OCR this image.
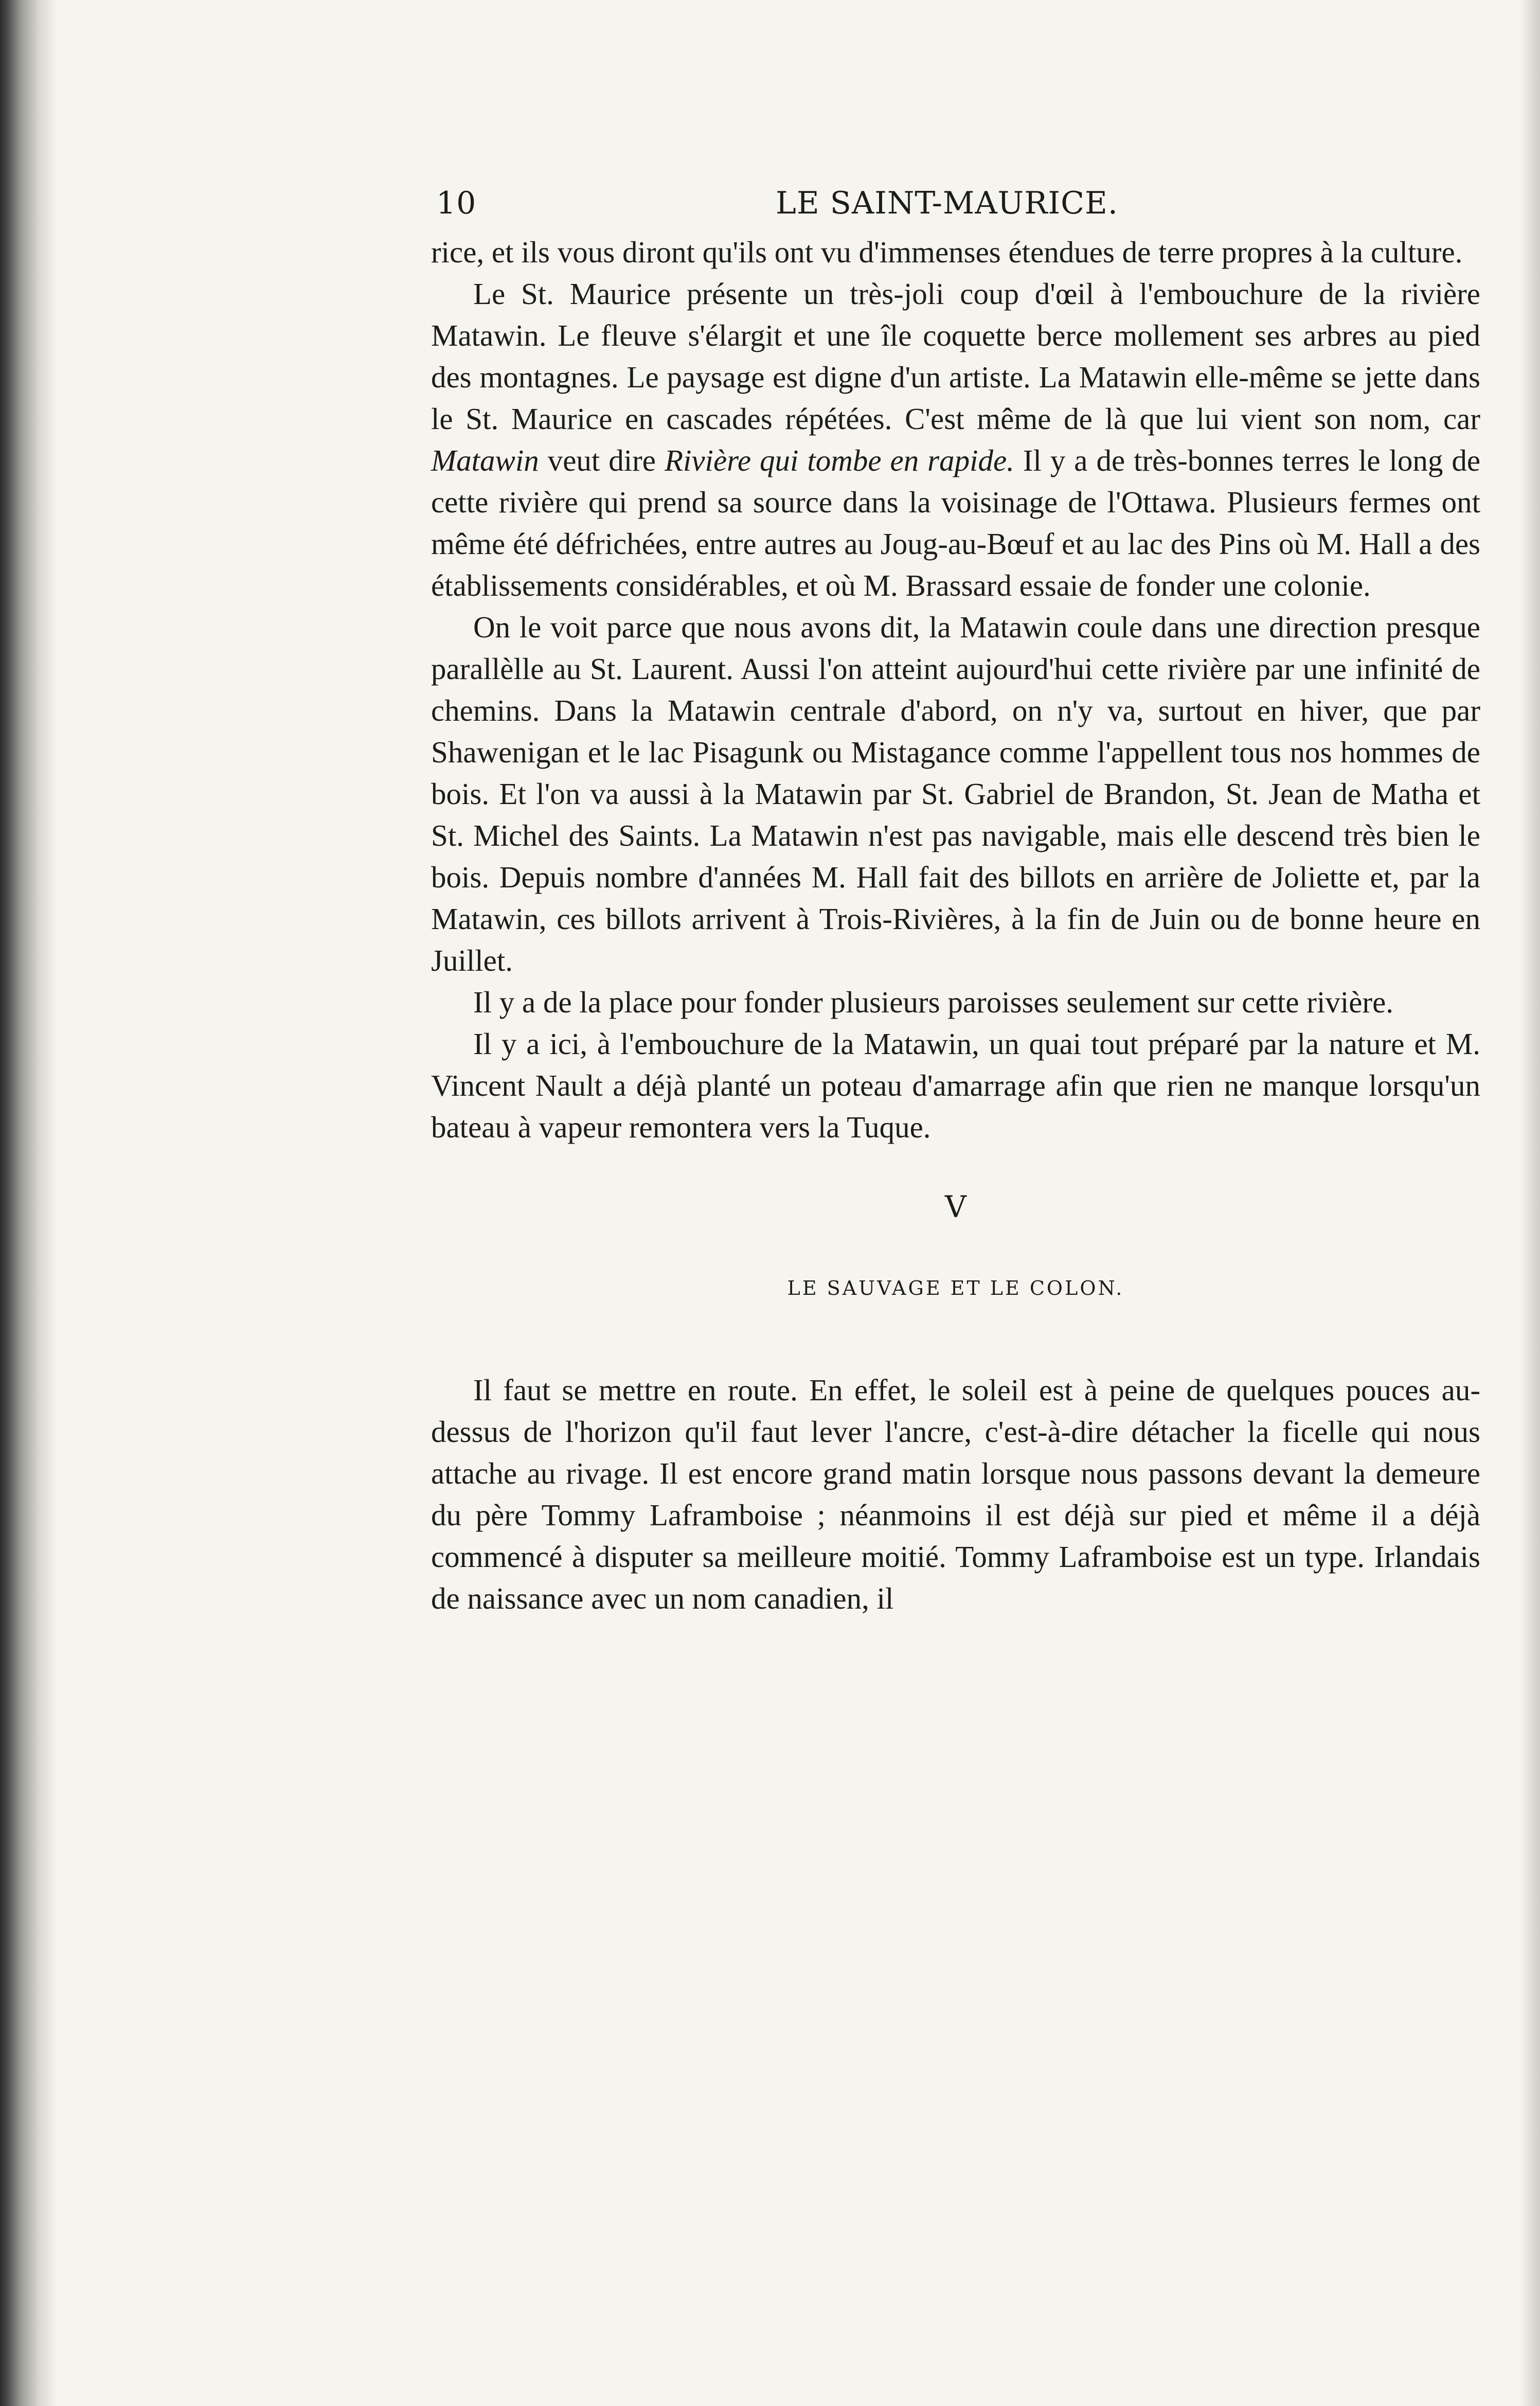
10	LE SAINT-MAURICE.

rice, et ils vous diront qu'ils ont vu d'immenses étendues de terre propres à la culture.

Le St. Maurice présente un très-joli coup d'œil à l'embouchure de la rivière Matawin. Le fleuve s'élargit et une île coquette berce mollement ses arbres au pied des montagnes. Le paysage est digne d'un artiste. La Matawin elle-même se jette dans le St. Maurice en cascades répétées. C'est même de là que lui vient son nom, car Matawin veut dire Rivière qui tombe en rapide. Il y a de très-bonnes terres le long de cette rivière qui prend sa source dans la voisinage de l'Ottawa. Plusieurs fermes ont même été défrichées, entre autres au Joug-au-Bœuf et au lac des Pins où M. Hall a des établissements considérables, et où M. Brassard essaie de fonder une colonie.

On le voit parce que nous avons dit, la Matawin coule dans une direction presque parallèlle au St. Laurent. Aussi l'on atteint aujourd'hui cette rivière par une infinité de chemins. Dans la Matawin centrale d'abord, on n'y va, surtout en hiver, que par Shawenigan et le lac Pisagunk ou Mistagance comme l'appellent tous nos hommes de bois. Et l'on va aussi à la Matawin par St. Gabriel de Brandon, St. Jean de Matha et St. Michel des Saints. La Matawin n'est pas navigable, mais elle descend très bien le bois. Depuis nombre d'années M. Hall fait des billots en arrière de Joliette et, par la Matawin, ces billots arrivent à Trois-Rivières, à la fin de Juin ou de bonne heure en Juillet.

Il y a de la place pour fonder plusieurs paroisses seulement sur cette rivière.

Il y a ici, à l'embouchure de la Matawin, un quai tout préparé par la nature et M. Vincent Nault a déjà planté un poteau d'amarrage afin que rien ne manque lorsqu'un bateau à vapeur remontera vers la Tuque.

V
LE SAUVAGE ET LE COLON.

Il faut se mettre en route. En effet, le soleil est à peine de quelques pouces au-dessus de l'horizon qu'il faut lever l'ancre, c'est-à-dire détacher la ficelle qui nous attache au rivage. Il est encore grand matin lorsque nous passons devant la demeure du père Tommy Laframboise ; néanmoins il est déjà sur pied et même il a déjà commencé à disputer sa meilleure moitié. Tommy Laframboise est un type. Irlandais de naissance avec un nom canadien, il
